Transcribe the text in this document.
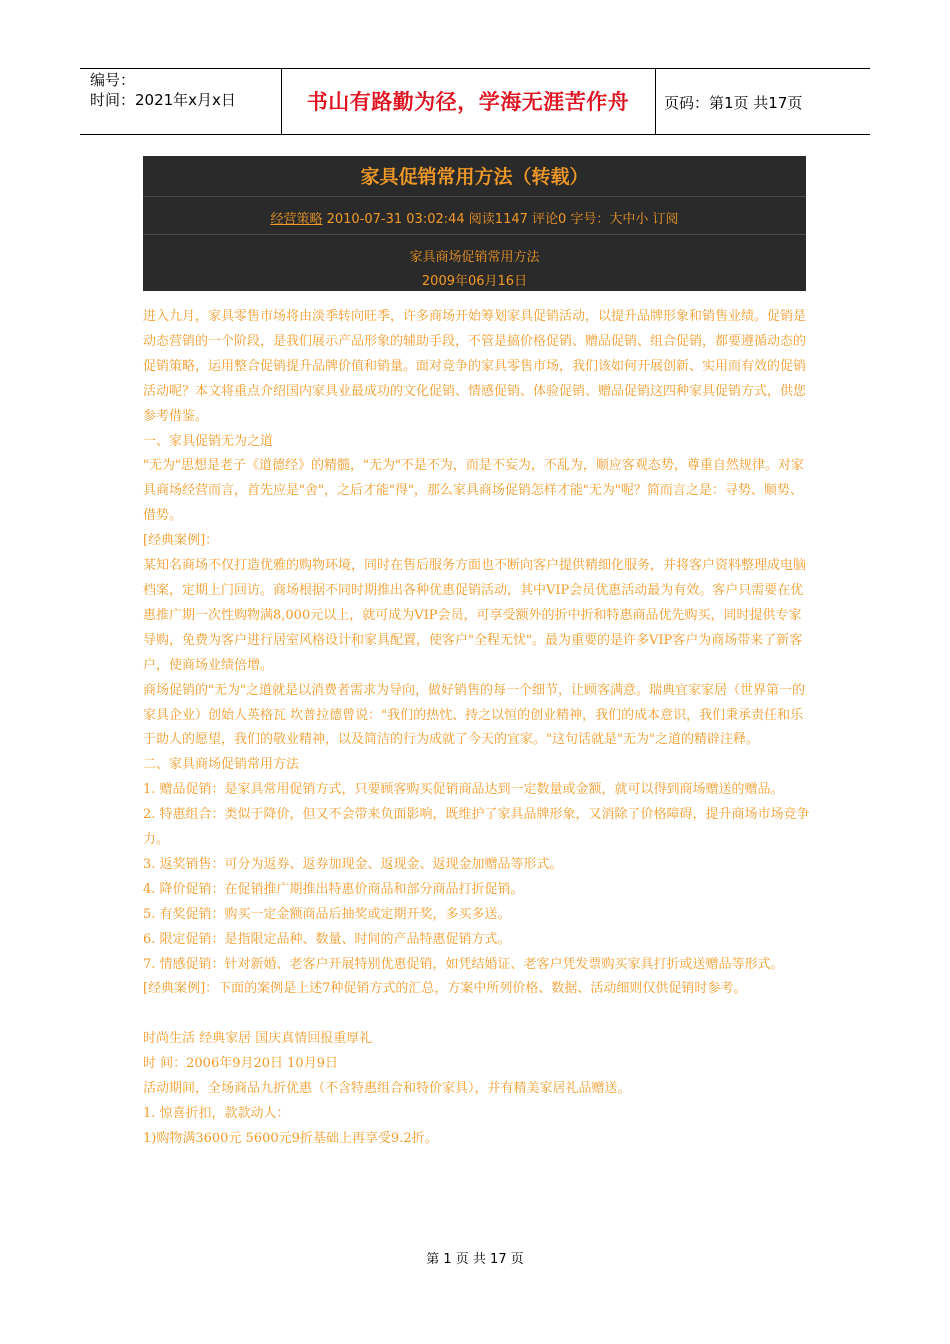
编号：
时间：2021年x月x日	书山有路勤为径，学海无涯苦作舟	页码：第1页 共17页
家具促销常用方法（转载）
经营策略 2010-07-31 03:02:44 阅读1147 评论0 字号：大中小 订阅
家具商场促销常用方法
2009年06月16日

进入九月，家具零售市场将由淡季转向旺季，许多商场开始筹划家具促销活动，以提升品牌形象和销售业绩。促销是动态营销的一个阶段，是我们展示产品形象的辅助手段，不管是搞价格促销、赠品促销、组合促销，都要遵循动态的促销策略，运用整合促销提升品牌价值和销量。面对竞争的家具零售市场，我们该如何开展创新、实用而有效的促销活动呢？本文将重点介绍国内家具业最成功的文化促销、情感促销、体验促销、赠品促销这四种家具促销方式，供您参考借鉴。

一、家具促销无为之道

"无为"思想是老子《道德经》的精髓，"无为"不是不为，而是不妄为，不乱为，顺应客观态势，尊重自然规律。对家具商场经营而言，首先应是"舍"，之后才能"得"，那么家具商场促销怎样才能"无为"呢？简而言之是：寻势、顺势、借势。

[经典案例]：

某知名商场不仅打造优雅的购物环境，同时在售后服务方面也不断向客户提供精细化服务，并将客户资料整理成电脑档案，定期上门回访。商场根据不同时期推出各种优惠促销活动，其中VIP会员优惠活动最为有效。客户只需要在优惠推广期一次性购物满8,000元以上，就可成为VIP会员，可享受额外的折中折和特惠商品优先购买，同时提供专家导购，免费为客户进行居室风格设计和家具配置，使客户"全程无忧"。最为重要的是许多VIP客户为商场带来了新客户，使商场业绩倍增。

商场促销的"无为"之道就是以消费者需求为导向，做好销售的每一个细节，让顾客满意。瑞典宜家家居（世界第一的家具企业）创始人英格瓦 坎普拉德曾说："我们的热忱、持之以恒的创业精神，我们的成本意识，我们秉承责任和乐于助人的愿望，我们的敬业精神，以及简洁的行为成就了今天的宜家。"这句话就是"无为"之道的精辟注释。

二、家具商场促销常用方法

1. 赠品促销：是家具常用促销方式，只要顾客购买促销商品达到一定数量或金额，就可以得到商场赠送的赠品。

2. 特惠组合：类似于降价，但又不会带来负面影响，既维护了家具品牌形象，又消除了价格障碍，提升商场市场竞争力。

3. 返奖销售：可分为返券、返券加现金、返现金、返现金加赠品等形式。

4. 降价促销：在促销推广期推出特惠价商品和部分商品打折促销。

5. 有奖促销：购买一定金额商品后抽奖或定期开奖，多买多送。

6. 限定促销：是指限定品种、数量、时间的产品特惠促销方式。

7. 情感促销：针对新婚、老客户开展特别优惠促销，如凭结婚证、老客户凭发票购买家具打折或送赠品等形式。

[经典案例]：下面的案例是上述7种促销方式的汇总，方案中所列价格、数据、活动细则仅供促销时参考。

时尚生活 经典家居 国庆真情回报重厚礼

时 间：2006年9月20日 10月9日

活动期间，全场商品九折优惠（不含特惠组合和特价家具），并有精美家居礼品赠送。

1. 惊喜折扣，款款动人：

1)购物满3600元 5600元9折基础上再享受9.2折。

第 1 页 共 17 页
